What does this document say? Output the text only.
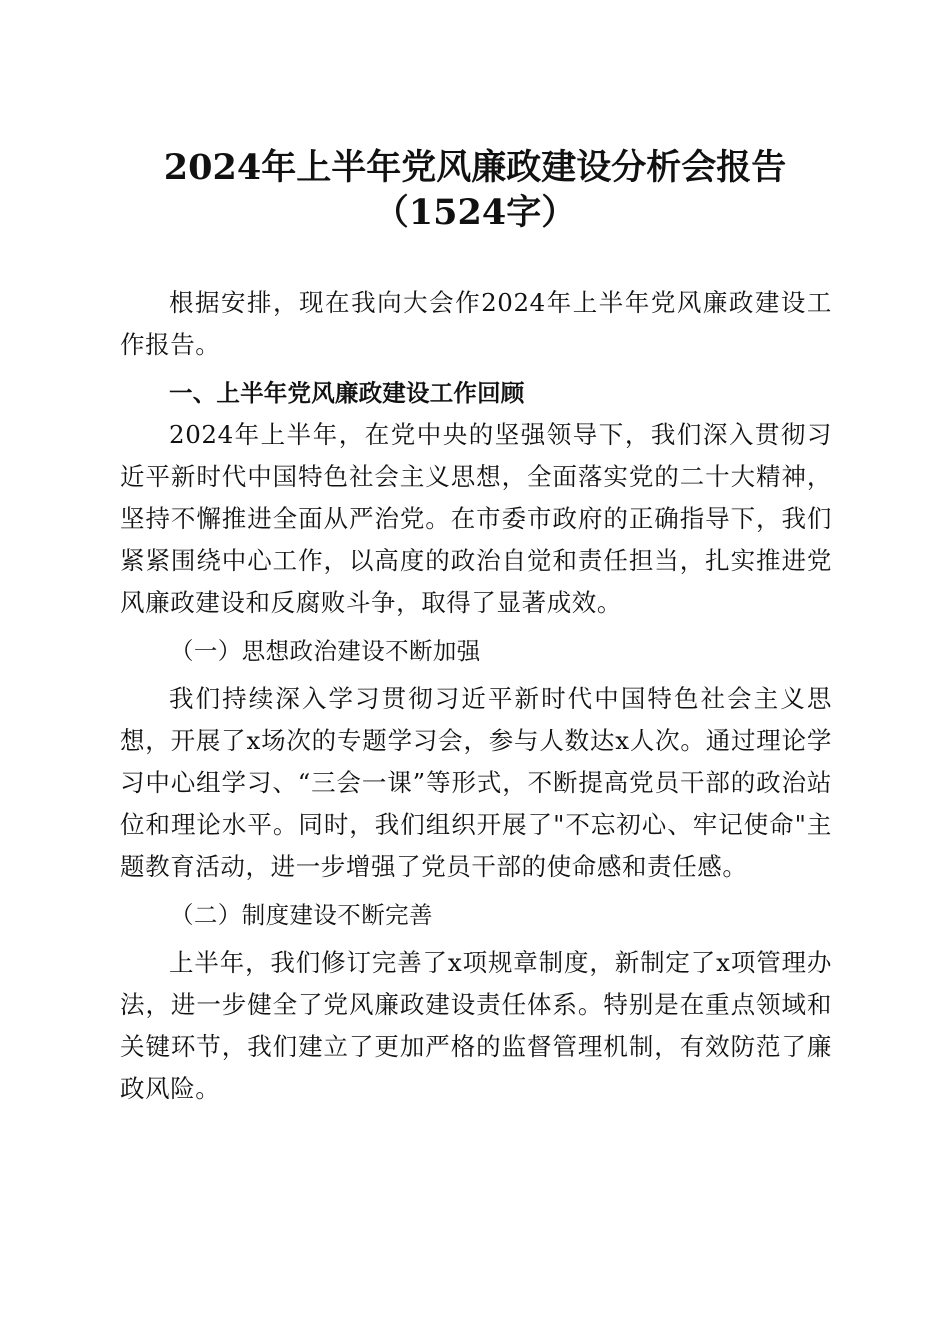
2024年上半年党风廉政建设分析会报告
（1524字）

根据安排，现在我向大会作2024年上半年党风廉政建设工作报告。

一、上半年党风廉政建设工作回顾

2024年上半年，在党中央的坚强领导下，我们深入贯彻习近平新时代中国特色社会主义思想，全面落实党的二十大精神，坚持不懈推进全面从严治党。在市委市政府的正确指导下，我们紧紧围绕中心工作，以高度的政治自觉和责任担当，扎实推进党风廉政建设和反腐败斗争，取得了显著成效。

（一）思想政治建设不断加强

我们持续深入学习贯彻习近平新时代中国特色社会主义思想，开展了x场次的专题学习会，参与人数达x人次。通过理论学习中心组学习、“三会一课”等形式，不断提高党员干部的政治站位和理论水平。同时，我们组织开展了"不忘初心、牢记使命"主题教育活动，进一步增强了党员干部的使命感和责任感。

（二）制度建设不断完善

上半年，我们修订完善了x项规章制度，新制定了x项管理办法，进一步健全了党风廉政建设责任体系。特别是在重点领域和关键环节，我们建立了更加严格的监督管理机制，有效防范了廉政风险。
